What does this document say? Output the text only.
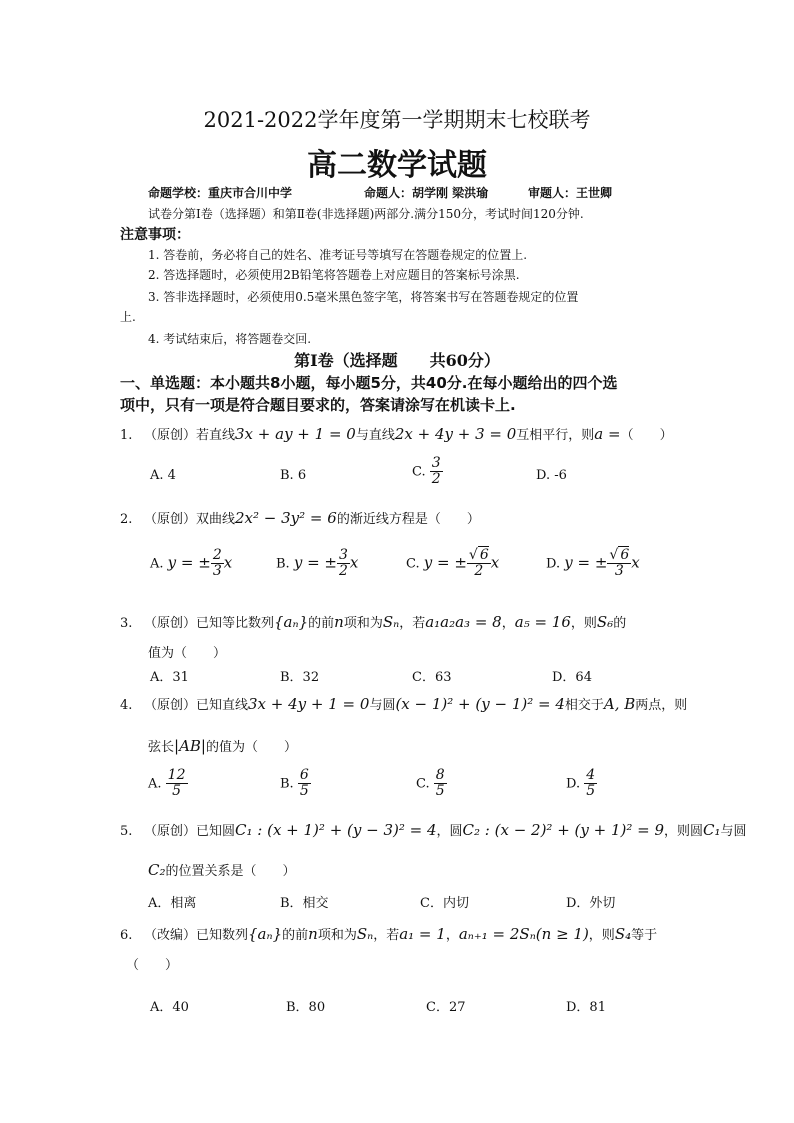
2021-2022学年度第一学期期末七校联考
高二数学试题
命题学校：重庆市合川中学	命题人：胡学刚 梁洪瑜	审题人：王世卿
试卷分第Ⅰ卷（选择题）和第Ⅱ卷(非选择题)两部分.满分150分，考试时间120分钟.
注意事项：
1. 答卷前，务必将自己的姓名、准考证号等填写在答题卷规定的位置上.
2. 答选择题时，必须使用2B铅笔将答题卷上对应题目的答案标号涂黑.
3. 答非选择题时，必须使用0.5毫米黑色签字笔，将答案书写在答题卷规定的位置
上.
4. 考试结束后，将答题卷交回.
第Ⅰ卷（选择题　　共60分）
一、单选题：本小题共8小题，每小题5分，共40分.在每小题给出的四个选
项中，只有一项是符合题目要求的，答案请涂写在机读卡上.
1. （原创）若直线3x + ay + 1 = 0与直线2x + 4y + 3 = 0互相平行，则a =（　　）
A. 4	B. 6	C. $\frac{3}{2}$	D. -6
2. （原创）双曲线2x² − 3y² = 6的渐近线方程是（　　）
A. y = ± $\frac{2}{3}$ x	B. y = ± $\frac{3}{2}$ x	C. y = ± $\frac{√ 6}{2}$ x	D. y = ± $\frac{√ 6}{3}$ x
3. （原创）已知等比数列{aₙ}的前n项和为Sₙ，若a₁a₂a₃ = 8，a₅ = 16，则S₆的
值为（　　）
A．31	B．32	C．63	D．64
4. （原创）已知直线3x + 4y + 1 = 0与圆(x − 1)² + (y − 1)² = 4相交于A, B两点，则
弦长|AB|的值为（　　）
A. $\frac{12}{5}$	B. $\frac{6}{5}$	C. $\frac{8}{5}$	D. $\frac{4}{5}$
5. （原创）已知圆C₁ : (x + 1)² + (y − 3)² = 4，圆C₂ : (x − 2)² + (y + 1)² = 9，则圆C₁与圆
C₂的位置关系是（　　）
A．相离	B．相交	C．内切	D．外切
6. （改编）已知数列{aₙ}的前n项和为Sₙ，若a₁ = 1，aₙ₊₁ = 2Sₙ(n ≥ 1)，则S₄等于
（　　）
A．40	B．80	C．27	D．81
